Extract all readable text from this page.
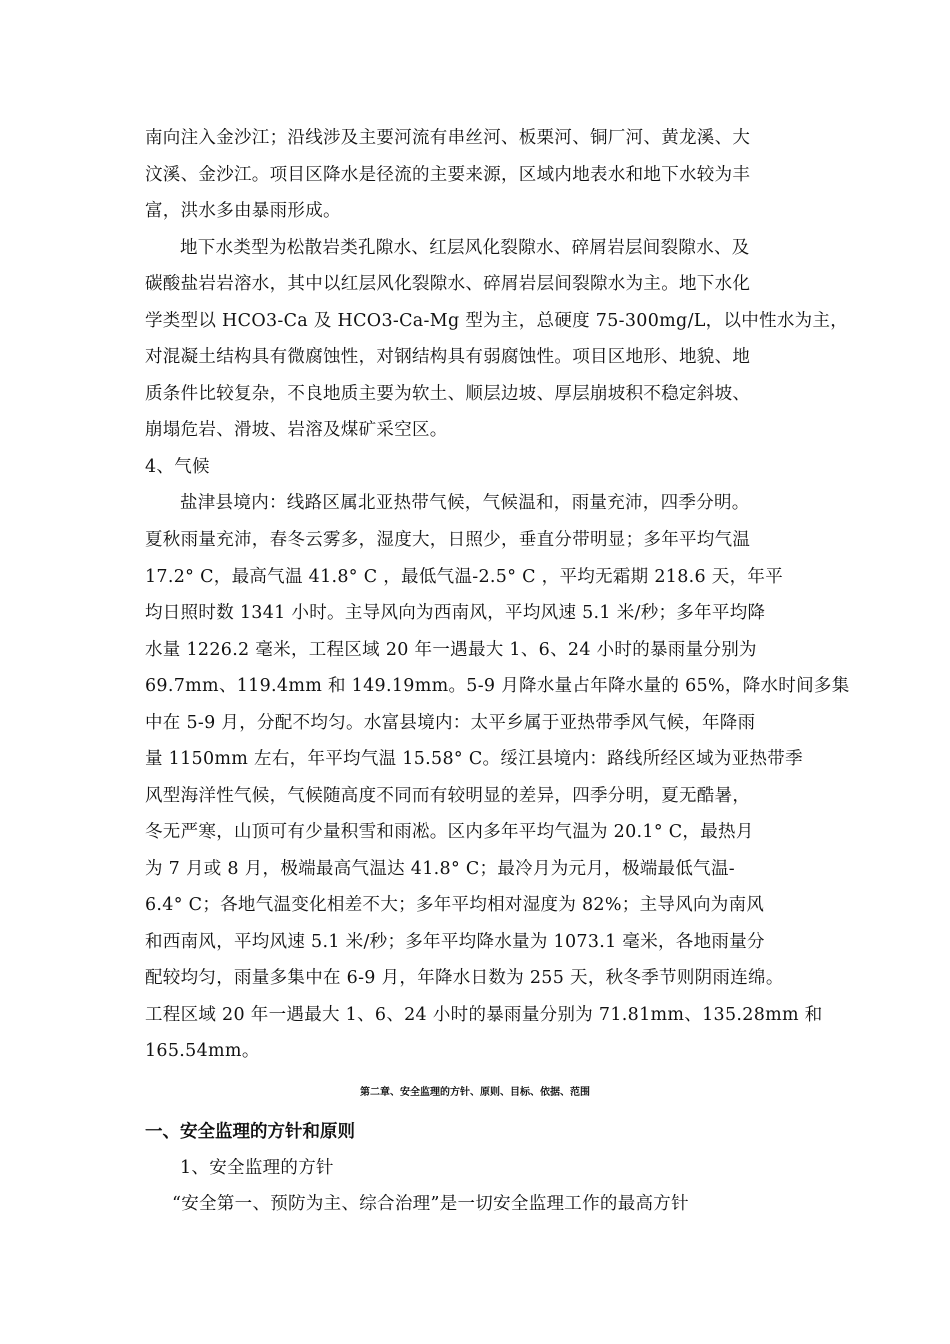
南向注入金沙江；沿线涉及主要河流有串丝河、板栗河、铜厂河、黄龙溪、大
汶溪、金沙江。项目区降水是径流的主要来源，区域内地表水和地下水较为丰
富，洪水多由暴雨形成。
地下水类型为松散岩类孔隙水、红层风化裂隙水、碎屑岩层间裂隙水、及
碳酸盐岩岩溶水，其中以红层风化裂隙水、碎屑岩层间裂隙水为主。地下水化
学类型以 HCO3-Ca 及 HCO3-Ca-Mg 型为主，总硬度 75-300mg/L，以中性水为主，
对混凝土结构具有微腐蚀性，对钢结构具有弱腐蚀性。项目区地形、地貌、地
质条件比较复杂，不良地质主要为软土、顺层边坡、厚层崩坡积不稳定斜坡、
崩塌危岩、滑坡、岩溶及煤矿采空区。
4、气候
盐津县境内：线路区属北亚热带气候，气候温和，雨量充沛，四季分明。
夏秋雨量充沛，春冬云雾多，湿度大，日照少，垂直分带明显；多年平均气温
17.2° C，最高气温 41.8° C ，最低气温-2.5° C ，平均无霜期 218.6 天，年平
均日照时数 1341 小时。主导风向为西南风，平均风速 5.1 米/秒；多年平均降
水量 1226.2 毫米，工程区域 20 年一遇最大 1、6、24 小时的暴雨量分别为
69.7mm、119.4mm 和 149.19mm。5-9 月降水量占年降水量的 65%，降水时间多集
中在 5-9 月，分配不均匀。水富县境内：太平乡属于亚热带季风气候，年降雨
量 1150mm 左右，年平均气温 15.58° C。绥江县境内：路线所经区域为亚热带季
风型海洋性气候，气候随高度不同而有较明显的差异，四季分明，夏无酷暑，
冬无严寒，山顶可有少量积雪和雨凇。区内多年平均气温为 20.1° C，最热月
为 7 月或 8 月，极端最高气温达 41.8° C；最冷月为元月，极端最低气温-
6.4° C；各地气温变化相差不大；多年平均相对湿度为 82%；主导风向为南风
和西南风，平均风速 5.1 米/秒；多年平均降水量为 1073.1 毫米，各地雨量分
配较均匀，雨量多集中在 6-9 月，年降水日数为 255 天，秋冬季节则阴雨连绵。
工程区域 20 年一遇最大 1、6、24 小时的暴雨量分别为 71.81mm、135.28mm 和
165.54mm。
第二章、安全监理的方针、原则、目标、依据、范围
一、安全监理的方针和原则
1、安全监理的方针
“安全第一、预防为主、综合治理”是一切安全监理工作的最高方针
